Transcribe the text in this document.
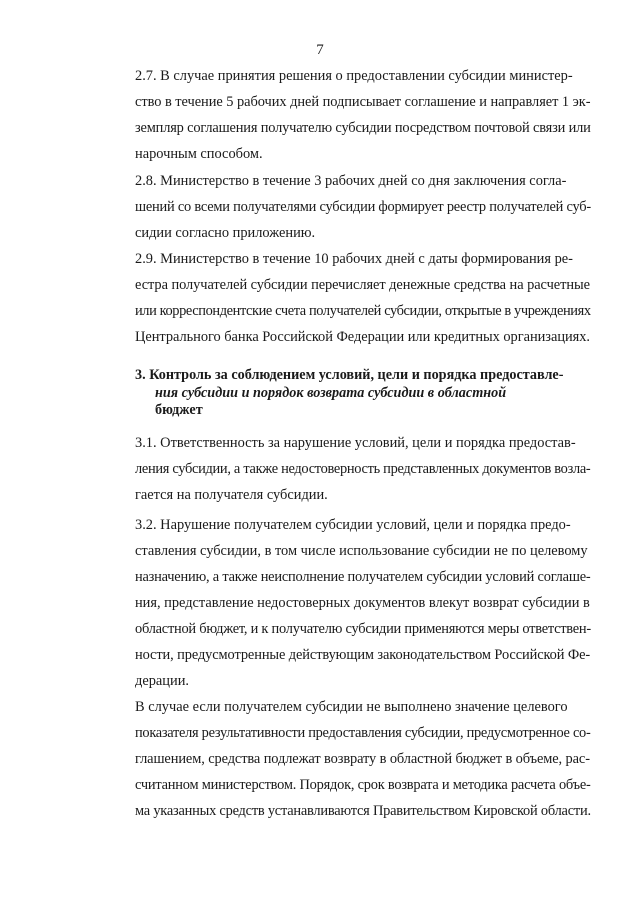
7
2.7. В случае принятия решения о предоставлении субсидии министер-
ство в течение 5 рабочих дней подписывает соглашение и направляет 1 эк-
земпляр соглашения получателю субсидии посредством почтовой связи или
нарочным способом.
2.8. Министерство в течение 3 рабочих дней со дня заключения согла-
шений со всеми получателями субсидии формирует реестр получателей суб-
сидии согласно приложению.
2.9. Министерство в течение 10 рабочих дней с даты формирования ре-
естра получателей субсидии перечисляет денежные средства на расчетные
или корреспондентские счета получателей субсидии, открытые в учреждениях
Центрального банка Российской Федерации или кредитных организациях.
3. Контроль за соблюдением условий, цели и порядка предоставле-
ния субсидии и порядок возврата субсидии в областной
бюджет
3.1. Ответственность за нарушение условий, цели и порядка предостав-
ления субсидии, а также недостоверность представленных документов возла-
гается на получателя субсидии.
3.2. Нарушение получателем субсидии условий, цели и порядка предо-
ставления субсидии, в том числе использование субсидии не по целевому
назначению, а также неисполнение получателем субсидии условий соглаше-
ния, представление недостоверных документов влекут возврат субсидии в
областной бюджет, и к получателю субсидии применяются меры ответствен-
ности, предусмотренные действующим законодательством Российской Фе-
дерации.
В случае если получателем субсидии не выполнено значение целевого
показателя результативности предоставления субсидии, предусмотренное со-
глашением, средства подлежат возврату в областной бюджет в объеме, рас-
считанном министерством. Порядок, срок возврата и методика расчета объе-
ма указанных средств устанавливаются Правительством Кировской области.
